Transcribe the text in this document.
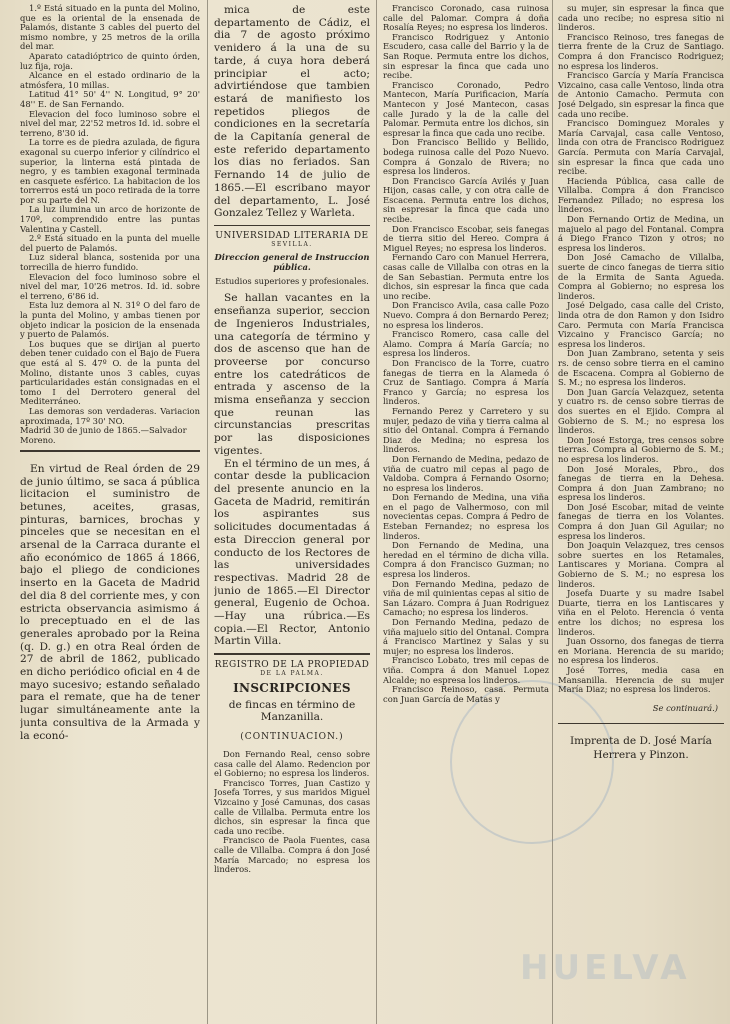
HUELVA

1.º Está situado en la punta del Molino, que es la oriental de la ensenada de Palamós, distante 3 cables del puerto del mismo nombre, y 25 metros de la orilla del mar.

Aparato catadióptrico de quinto órden, luz fija, roja.

Alcance en el estado ordinario de la atmósfera, 10 millas.

Latitud 41° 50' 4'' N. Longitud, 9° 20' 48'' E. de San Fernando.

Elevacion del foco luminoso sobre el nivel del mar, 22'52 metros Id. id. sobre el terreno, 8'30 id.

La torre es de piedra azulada, de figura exagonal su cuerpo inferior y cilíndrico el superior, la linterna está pintada de negro, y es tambien exagonal terminada en casquete esférico. La habitacion de los torrerros está un poco retirada de la torre por su parte del N.

La luz ilumina un arco de horizonte de 170º, comprendido entre las puntas Valentina y Castell.

2.º Está situado en la punta del muelle del puerto de Palamós.

Luz sideral blanca, sostenida por una torrecilla de hierro fundido.

Elevacion del foco luminoso sobre el nivel del mar, 10'26 metros. Id. id. sobre el terreno, 6'86 id.

Esta luz demora al N. 31º O del faro de la punta del Molino, y ambas tienen por objeto indicar la posicion de la ensenada y puerto de Palamós.

Los buques que se dirijan al puerto deben tener cuidado con el Bajo de Fuera que está al S. 47º O. de la punta del Molino, distante unos 3 cables, cuyas particularidades están consignadas en el tomo I del Derrotero general del Mediterráneo.

Las demoras son verdaderas. Variacion aproximada, 17º 30' NO.

Madrid 30 de junio de 1865.—Salvador Moreno.

En virtud de Real órden de 29 de junio último, se saca á pública licitacion el suministro de betunes, aceites, grasas, pinturas, barnices, brochas y pinceles que se necesitan en el arsenal de la Carraca durante el año económico de 1865 á 1866, bajo el pliego de condiciones inserto en la Gaceta de Madrid del dia 8 del corriente mes, y con estricta observancia asimismo á lo preceptuado en el de las generales aprobado por la Reina (q. D. g.) en otra Real órden de 27 de abril de 1862, publicado en dicho periódico oficial en 4 de mayo sucesivo; estando señalado para el remate, que ha de tener lugar simultáneamente ante la junta consultiva de la Armada y la econó-

mica de este departamento de Cádiz, el dia 7 de agosto próximo venidero á la una de su tarde, á cuya hora deberá principiar el acto; advirtiéndose que tambien estará de manifiesto los repetidos pliegos de condiciones en la secretaría de la Capitanía general de este referido departamento los dias no feriados. San Fernando 14 de julio de 1865.—El escribano mayor del departamento, L. José Gonzalez Tellez y Warleta.

UNIVERSIDAD LITERARIA DE

SEVILLA.

Direccion general de Instruccion pública.

Estudios superiores y profesionales.

Se hallan vacantes en la enseñanza superior, seccion de Ingenieros Industriales, una categoría de término y dos de ascenso que han de proveerse por concurso entre los catedráticos de entrada y ascenso de la misma enseñanza y seccion que reunan las circunstancias prescritas por las disposiciones vigentes.

En el término de un mes, á contar desde la publicacion del presente anuncio en la Gaceta de Madrid, remitirán los aspirantes sus solicitudes documentadas á esta Direccion general por conducto de los Rectores de las universidades respectivas. Madrid 28 de junio de 1865.—El Director general, Eugenio de Ochoa.—Hay una rúbrica.—Es copia.—El Rector, Antonio Martin Villa.

REGISTRO DE LA PROPIEDAD

DE LA PALMA.

INSCRIPCIONES

de fincas en término de Manzanilla.

(CONTINUACION.)

Don Fernando Real, censo sobre casa calle del Alamo. Redencion por el Gobierno; no espresa los linderos.

Francisco Torres, Juan Castizo y Josefa Torres, y sus maridos Miguel Vizcaino y José Camunas, dos casas calle de Villalba. Permuta entre los dichos, sin espresar la finca que cada uno recibe.

Francisco de Paola Fuentes, casa calle de Villalba. Compra á don José María Marcado; no espresa los linderos.

Francisco Coronado, casa ruinosa calle del Palomar. Compra á doña Rosalía Reyes; no espresa los linderos.

Francisco Rodriguez y Antonio Escudero, casa calle del Barrio y la de San Roque. Permuta entre los dichos, sin espresar la finca que cada uno recibe.

Francisco Coronado, Pedro Mantecon, María Purificacion, María Mantecon y José Mantecon, casas calle Jurado y la de la calle del Palomar. Permuta entre los dichos, sin espresar la finca que cada uno recibe.

Don Francisco Bellido y Bellido, bodega ruinosa calle del Pozo Nuevo. Compra á Gonzalo de Rivera; no espresa los linderos.

Don Francisco García Avilés y Juan Hijon, casas calle, y con otra calle de Escacena. Permuta entre los dichos, sin espresar la finca que cada uno recibe.

Don Francisco Escobar, seis fanegas de tierra sitio del Hereo. Compra á Miguel Reyes; no espresa los linderos.

Fernando Caro con Manuel Herrera, casas calle de Villalba con otras en la de San Sebastian. Permuta entre los dichos, sin espresar la finca que cada uno recibe.

Don Francisco Avila, casa calle Pozo Nuevo. Compra á don Bernardo Perez; no espresa los linderos.

Francisco Romero, casa calle del Alamo. Compra á María García; no espresa los linderos.

Don Francisco de la Torre, cuatro fanegas de tierra en la Alameda ó Cruz de Santiago. Compra á María Franco y García; no espresa los linderos.

Fernando Perez y Carretero y su mujer, pedazo de viña y tierra calma al sitio del Ontanal. Compra á Fernando Diaz de Medina; no espresa los linderos.

Don Fernando de Medina, pedazo de viña de cuatro mil cepas al pago de Valdoba. Compra á Fernando Osorno; no espresa los linderos.

Don Fernando de Medina, una viña en el pago de Valhermoso, con mil novecientas cepas. Compra á Pedro de Esteban Fernandez; no espresa los linderos.

Don Fernando de Medina, una heredad en el término de dicha villa. Compra á don Francisco Guzman; no espresa los linderos.

Don Fernando Medina, pedazo de viña de mil quinientas cepas al sitio de San Lázaro. Compra á Juan Rodriguez Camacho; no espresa los linderos.

Don Fernando Medina, pedazo de viña majuelo sitio del Ontanal. Compra á Francisco Martinez y Salas y su mujer; no espresa los linderos.

Francisco Lobato, tres mil cepas de viña. Compra á don Manuel Lopez Alcalde; no espresa los linderos.

Francisco Reinoso, casa. Permuta con Juan García de Matas y

su mujer, sin espresar la finca que cada uno recibe; no espresa sitio ni linderos.

Francisco Reinoso, tres fanegas de tierra frente de la Cruz de Santiago. Compra á don Francisco Rodriguez; no espresa los linderos.

Francisco García y María Francisca Vizcaino, casa calle Ventoso, linda otra de Antonio Camacho. Permuta con José Delgado, sin espresar la finca que cada uno recibe.

Francisco Dominguez Morales y María Carvajal, casa calle Ventoso, linda con otra de Francisco Rodriguez García. Permuta con María Carvajal, sin espresar la finca que cada uno recibe.

Hacienda Pública, casa calle de Villalba. Compra á don Francisco Fernandez Pillado; no espresa los linderos.

Don Fernando Ortiz de Medina, un majuelo al pago del Fontanal. Compra á Diego Franco Tizon y otros; no espresa los linderos.

Don José Camacho de Villalba, suerte de cinco fanegas de tierra sitio de la Ermita de Santa Agueda. Compra al Gobierno; no espresa los linderos.

José Delgado, casa calle del Cristo, linda otra de don Ramon y don Isidro Caro. Permuta con María Francisca Vizcaino y Francisco García; no espresa los linderos.

Don Juan Zambrano, setenta y seis rs. de censo sobre tierra en el camino de Escacena. Compra al Gobierno de S. M.; no espresa los linderos.

Don Juan García Velazquez, setenta y cuatro rs. de censo sobre tierras de dos suertes en el Ejido. Compra al Gobierno de S. M.; no espresa los linderos.

Don José Estorga, tres censos sobre tierras. Compra al Gobierno de S. M.; no espresa los linderos.

Don José Morales, Pbro., dos fanegas de tierra en la Dehesa. Compra á don Juan Zambrano; no espresa los linderos.

Don José Escobar, mitad de veinte fanegas de tierra en los Volantes. Compra á don Juan Gil Aguilar; no espresa los linderos.

Don Joaquin Velazquez, tres censos sobre suertes en los Retamales, Lantiscares y Moriana. Compra al Gobierno de S. M.; no espresa los linderos.

Josefa Duarte y su madre Isabel Duarte, tierra en los Lantiscares y viña en el Peloto. Herencia ó venta entre los dichos; no espresa los linderos.

Juan Ossorno, dos fanegas de tierra en Moriana. Herencia de su marido; no espresa los linderos.

José Torres, media casa en Mansanilla. Herencia de su mujer María Diaz; no espresa los linderos.

Se continuará.)

Imprenta de D. José María
Herrera y Pinzon.
